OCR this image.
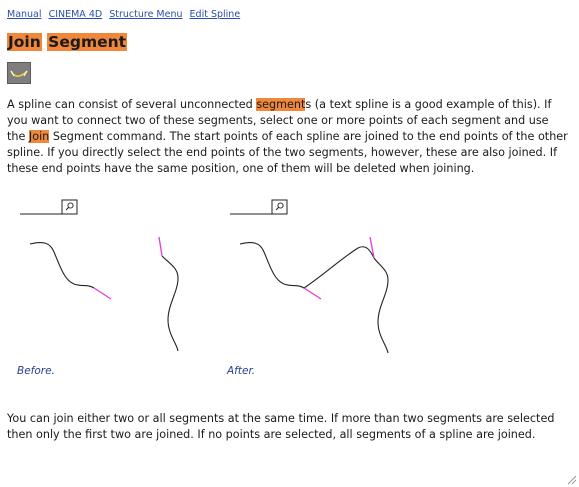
Manual CINEMA 4D Structure Menu Edit Spline
Join Segment

A spline can consist of several unconnected segments (a text spline is a good example of this). If you want to connect two of these segments, select one or more points of each segment and use the Join Segment command. The start points of each spline are joined to the end points of the other spline. If you directly select the end points of the two segments, however, these are also joined. If these end points have the same position, one of them will be deleted when joining.

Before.	After.

You can join either two or all segments at the same time. If more than two segments are selected then only the first two are joined. If no points are selected, all segments of a spline are joined.
